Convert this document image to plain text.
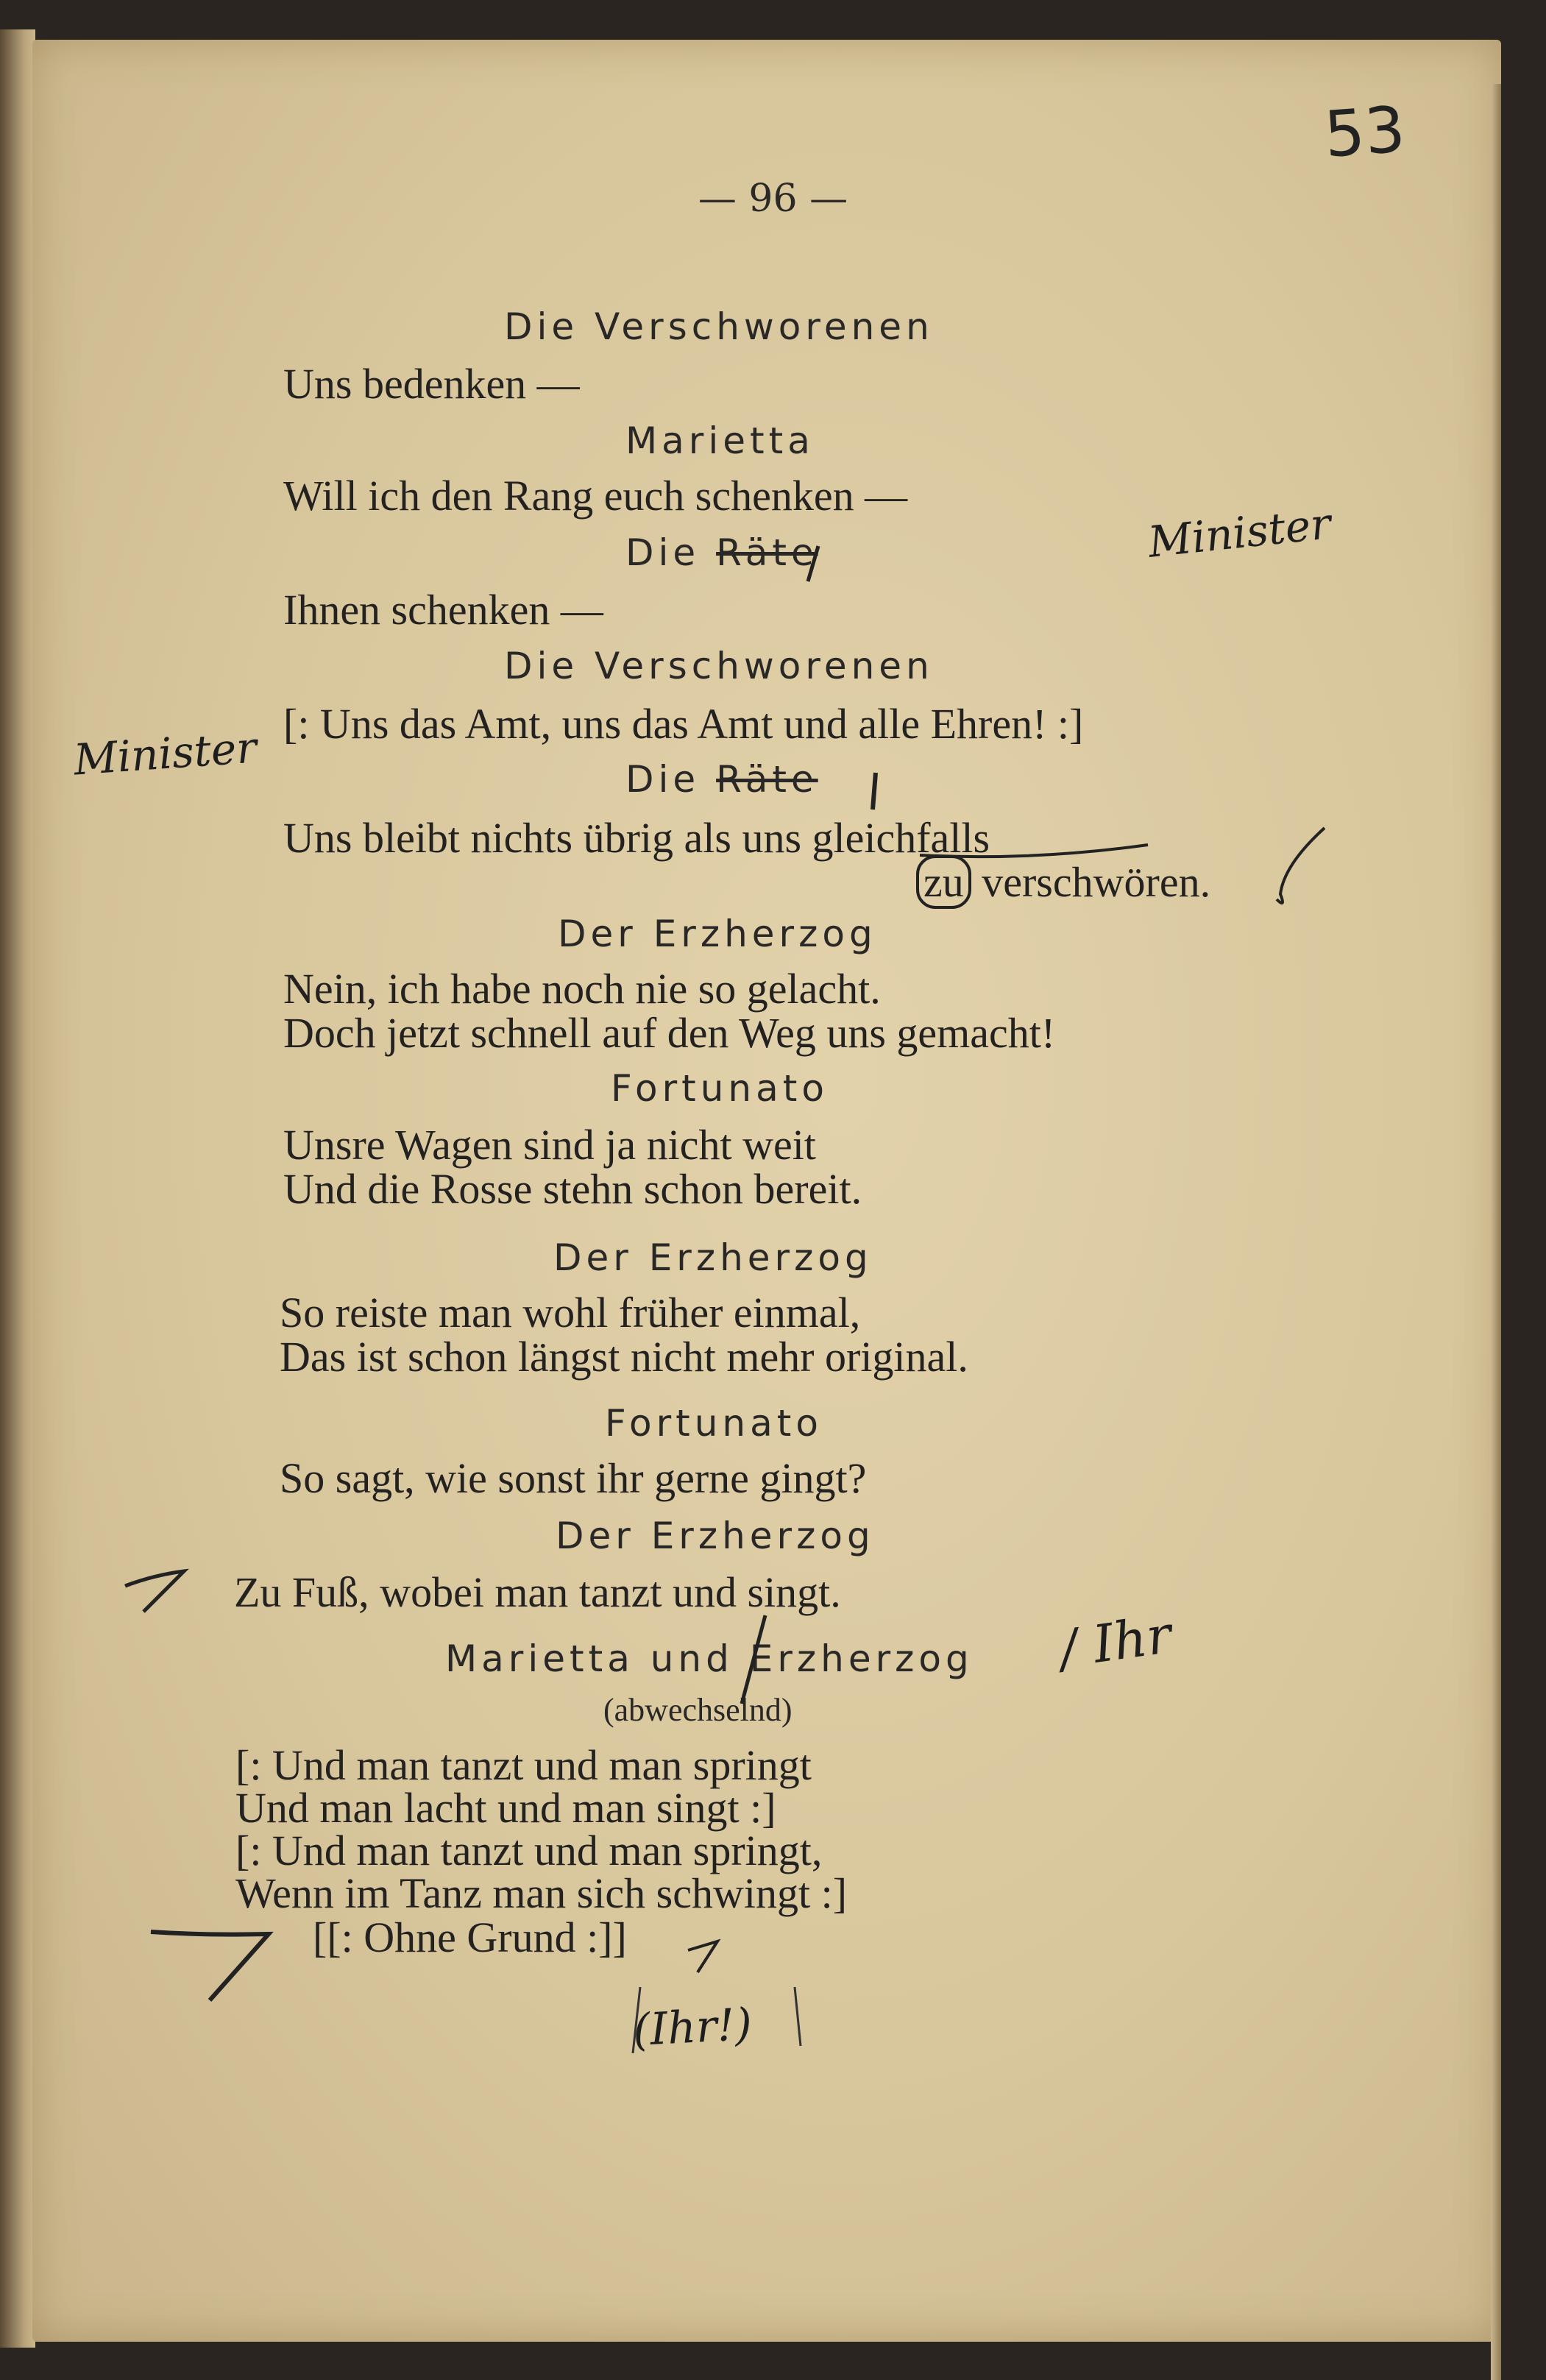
53
— 96 —
Die Verschworenen
Uns bedenken —
Marietta
Will ich den Rang euch schenken —
Die Räte
Ihnen schenken —
Die Verschworenen
[: Uns das Amt, uns das Amt und alle Ehren! :]
Die Räte
Uns bleibt nichts übrig als uns gleichfalls
zu verschwören.
Der Erzherzog
Nein, ich habe noch nie so gelacht.
Doch jetzt schnell auf den Weg uns gemacht!
Fortunato
Unsre Wagen sind ja nicht weit
Und die Rosse stehn schon bereit.
Der Erzherzog
So reiste man wohl früher einmal,
Das ist schon längst nicht mehr original.
Fortunato
So sagt, wie sonst ihr gerne gingt?
Der Erzherzog
Zu Fuß, wobei man tanzt und singt.
Marietta und Erzherzog
(abwechselnd)
[: Und man tanzt und man springt
Und man lacht und man singt :]
[: Und man tanzt und man springt,
Wenn im Tanz man sich schwingt :]
[[: Ohne Grund :]]
Minister
Minister
/ Ihr
(Ihr!)
